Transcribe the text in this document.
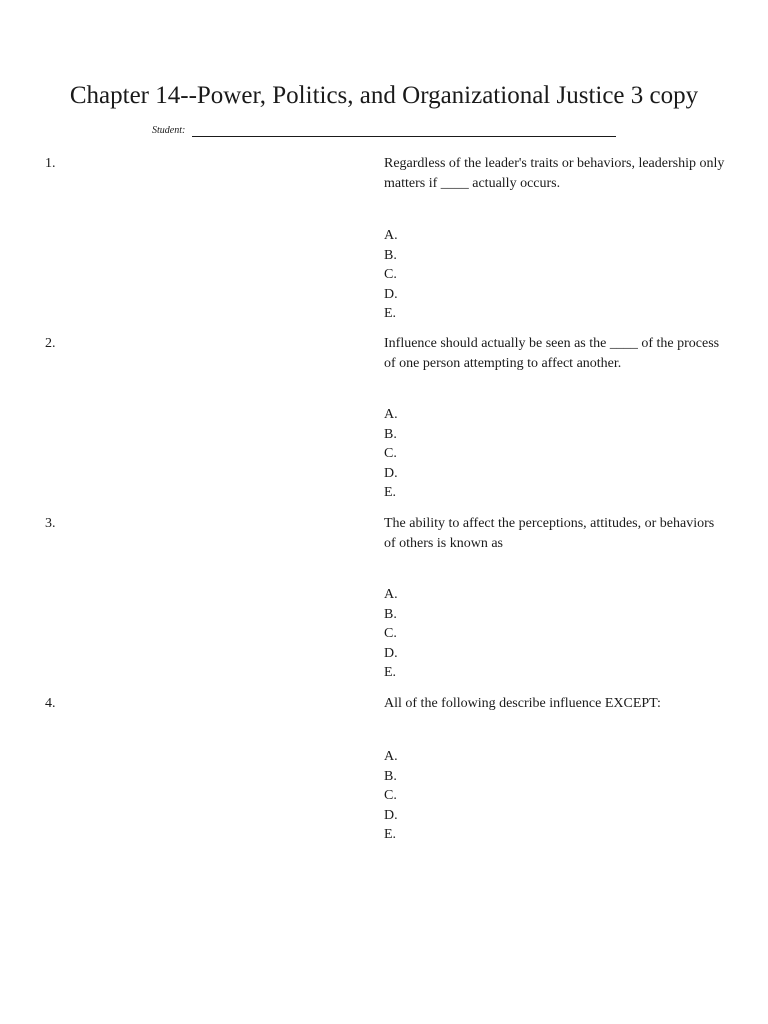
Chapter 14--Power, Politics, and Organizational Justice 3 copy
Student:
1.	Regardless of the leader's traits or behaviors, leadership only matters if ____ actually occurs.
A.
B.
C.
D.
E.
2.	Influence should actually be seen as the ____ of the process of one person attempting to affect another.
A.
B.
C.
D.
E.
3.	The ability to affect the perceptions, attitudes, or behaviors of others is known as
A.
B.
C.
D.
E.
4.	All of the following describe influence EXCEPT:
A.
B.
C.
D.
E.
